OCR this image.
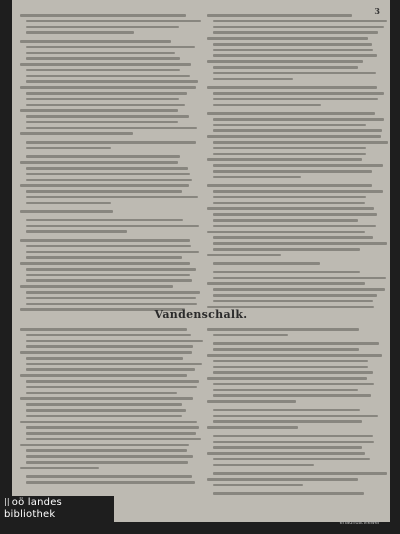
3
Vandenschalk.
|| oö landes
bibliothek
erlaunda.viewer
